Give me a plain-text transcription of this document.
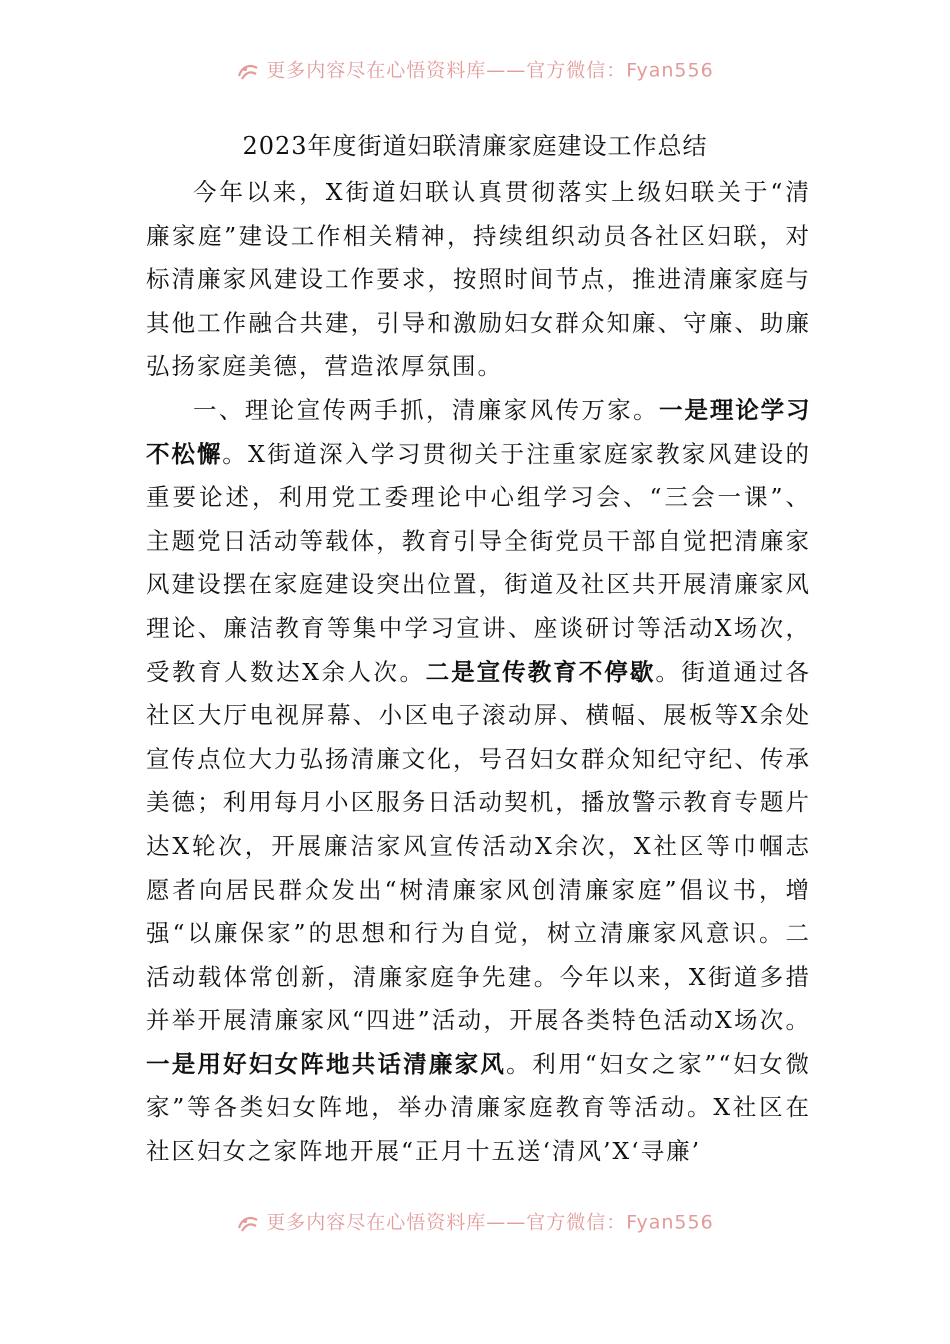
更多内容尽在心悟资料库——官方微信：Fyan556
2023年度街道妇联清廉家庭建设工作总结

今年以来，X街道妇联认真贯彻落实上级妇联关于“清廉家庭”建设工作相关精神，持续组织动员各社区妇联，对标清廉家风建设工作要求，按照时间节点，推进清廉家庭与其他工作融合共建，引导和激励妇女群众知廉、守廉、助廉弘扬家庭美德，营造浓厚氛围。

一、理论宣传两手抓，清廉家风传万家。一是理论学习不松懈。X街道深入学习贯彻关于注重家庭家教家风建设的重要论述，利用党工委理论中心组学习会、“三会一课”、主题党日活动等载体，教育引导全街党员干部自觉把清廉家风建设摆在家庭建设突出位置，街道及社区共开展清廉家风理论、廉洁教育等集中学习宣讲、座谈研讨等活动X场次，受教育人数达X余人次。二是宣传教育不停歇。街道通过各社区大厅电视屏幕、小区电子滚动屏、横幅、展板等X余处宣传点位大力弘扬清廉文化，号召妇女群众知纪守纪、传承美德；利用每月小区服务日活动契机，播放警示教育专题片达X轮次，开展廉洁家风宣传活动X余次，X社区等巾帼志愿者向居民群众发出“树清廉家风创清廉家庭”倡议书，增强“以廉保家”的思想和行为自觉，树立清廉家风意识。二活动载体常创新，清廉家庭争先建。今年以来，X街道多措并举开展清廉家风“四进”活动，开展各类特色活动X场次。一是用好妇女阵地共话清廉家风。利用“妇女之家”“妇女微家”等各类妇女阵地，举办清廉家庭教育等活动。X社区在社区妇女之家阵地开展“正月十五送‘清风’X‘寻廉’

更多内容尽在心悟资料库——官方微信：Fyan556
